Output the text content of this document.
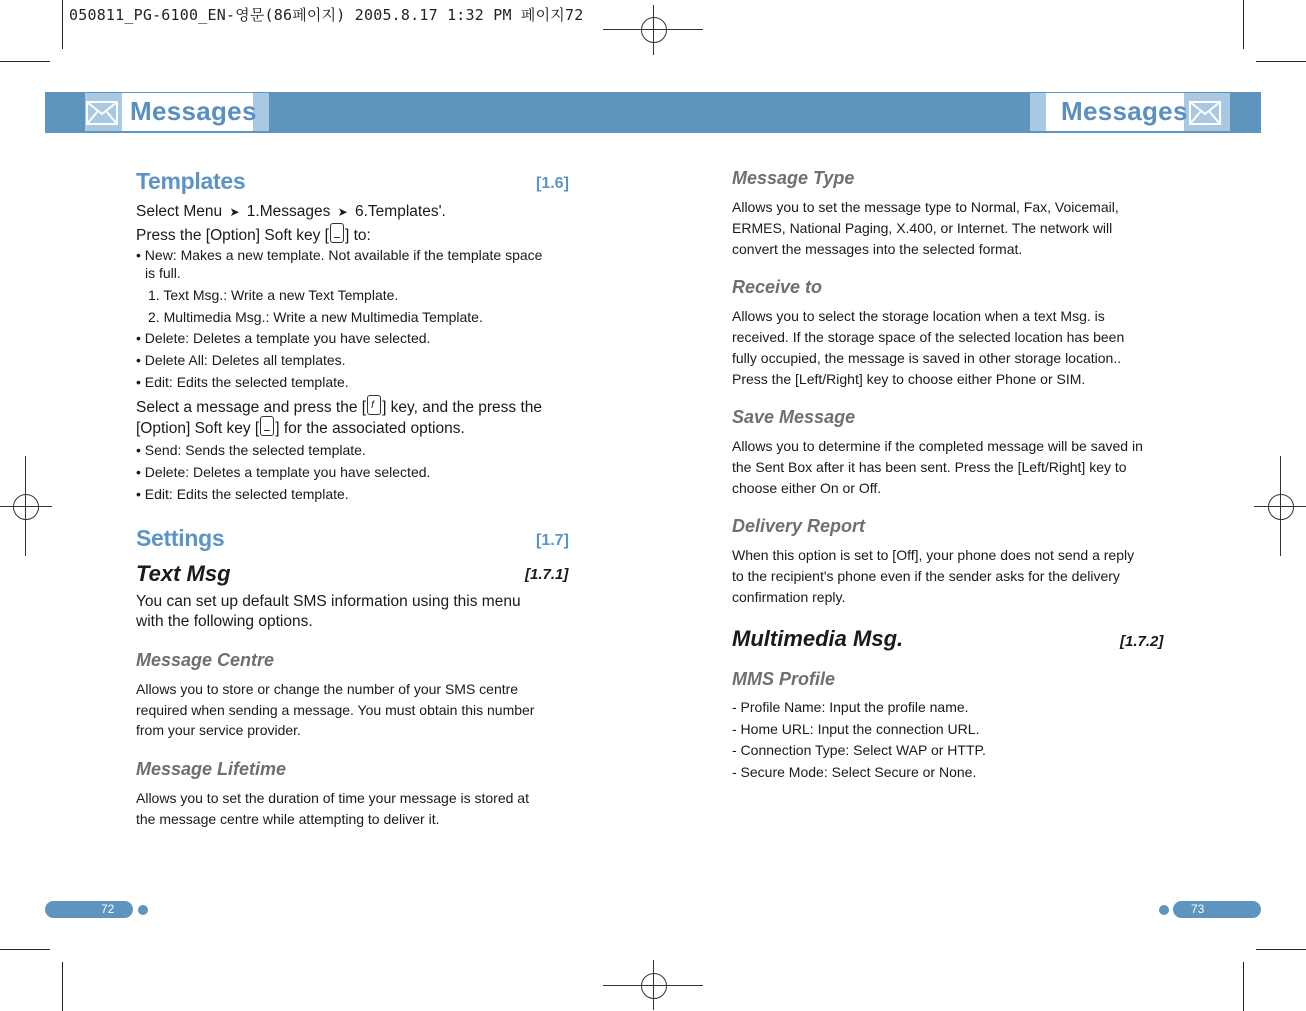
050811_PG-6100_EN-영문(86페이지) 2005.8.17 1:32 PM 페이지72
Messages	Messages
Templates	[1.6]
Select Menu ➤ 1.Messages ➤ 6.Templates'.
Press the [Option] Soft key [ ] to:
• New: Makes a new template. Not available if the template space
is full.
1. Text Msg.: Write a new Text Template.
2. Multimedia Msg.: Write a new Multimedia Template.
• Delete: Deletes a template you have selected.
• Delete All: Deletes all templates.
• Edit: Edits the selected template.
Select a message and press the [f ] key, and the press the
[Option] Soft key [ ] for the associated options.
• Send: Sends the selected template.
• Delete: Deletes a template you have selected.
• Edit: Edits the selected template.
Settings	[1.7]
Text Msg	[1.7.1]
You can set up default SMS information using this menu
with the following options.
Message Centre
Allows you to store or change the number of your SMS centre
required when sending a message. You must obtain this number
from your service provider.
Message Lifetime
Allows you to set the duration of time your message is stored at
the message centre while attempting to deliver it.
Message Type
Allows you to set the message type to Normal, Fax, Voicemail,
ERMES, National Paging, X.400, or Internet. The network will
convert the messages into the selected format.
Receive to
Allows you to select the storage location when a text Msg. is
received. If the storage space of the selected location has been
fully occupied, the message is saved in other storage location..
Press the [Left/Right] key to choose either Phone or SIM.
Save Message
Allows you to determine if the completed message will be saved in
the Sent Box after it has been sent. Press the [Left/Right] key to
choose either On or Off.
Delivery Report
When this option is set to [Off], your phone does not send a reply
to the recipient's phone even if the sender asks for the delivery
confirmation reply.
Multimedia Msg.	[1.7.2]
MMS Profile
- Profile Name: Input the profile name.
- Home URL: Input the connection URL.
- Connection Type: Select WAP or HTTP.
- Secure Mode: Select Secure or None.
72	73
